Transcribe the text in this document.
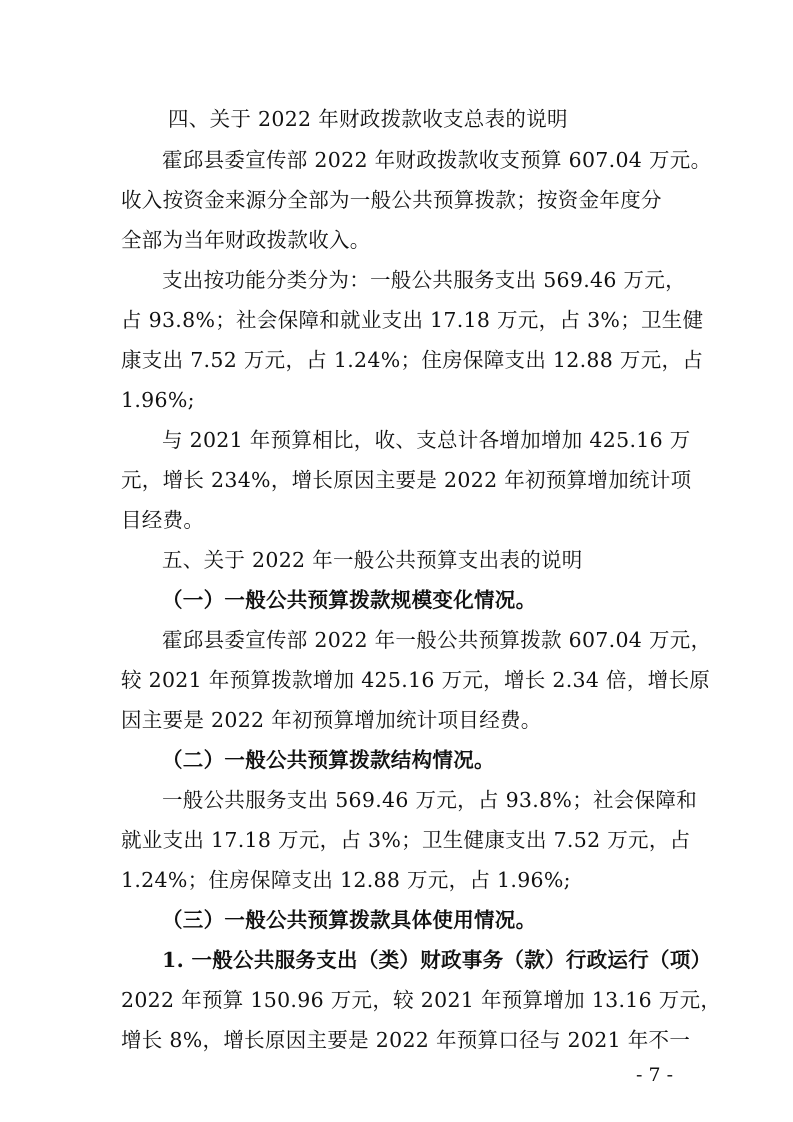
四、关于 2022 年财政拨款收支总表的说明
霍邱县委宣传部 2022 年财政拨款收支预算 607.04 万元。
收入按资金来源分全部为一般公共预算拨款；按资金年度分
全部为当年财政拨款收入。
支出按功能分类分为：一般公共服务支出 569.46 万元，
占 93.8%；社会保障和就业支出 17.18 万元，占 3%；卫生健
康支出 7.52 万元，占 1.24%；住房保障支出 12.88 万元，占
1.96%;
与 2021 年预算相比，收、支总计各增加增加 425.16 万
元，增长 234%，增长原因主要是 2022 年初预算增加统计项
目经费。
五、关于 2022 年一般公共预算支出表的说明
（一）一般公共预算拨款规模变化情况。
霍邱县委宣传部 2022 年一般公共预算拨款 607.04 万元，
较 2021 年预算拨款增加 425.16 万元，增长 2.34 倍，增长原
因主要是 2022 年初预算增加统计项目经费。
（二）一般公共预算拨款结构情况。
一般公共服务支出 569.46 万元，占 93.8%；社会保障和
就业支出 17.18 万元，占 3%；卫生健康支出 7.52 万元，占
1.24%；住房保障支出 12.88 万元，占 1.96%;
（三）一般公共预算拨款具体使用情况。
1. 一般公共服务支出（类）财政事务（款）行政运行（项）
2022 年预算 150.96 万元，较 2021 年预算增加 13.16 万元，
增长 8%，增长原因主要是 2022 年预算口径与 2021 年不一
- 7 -
